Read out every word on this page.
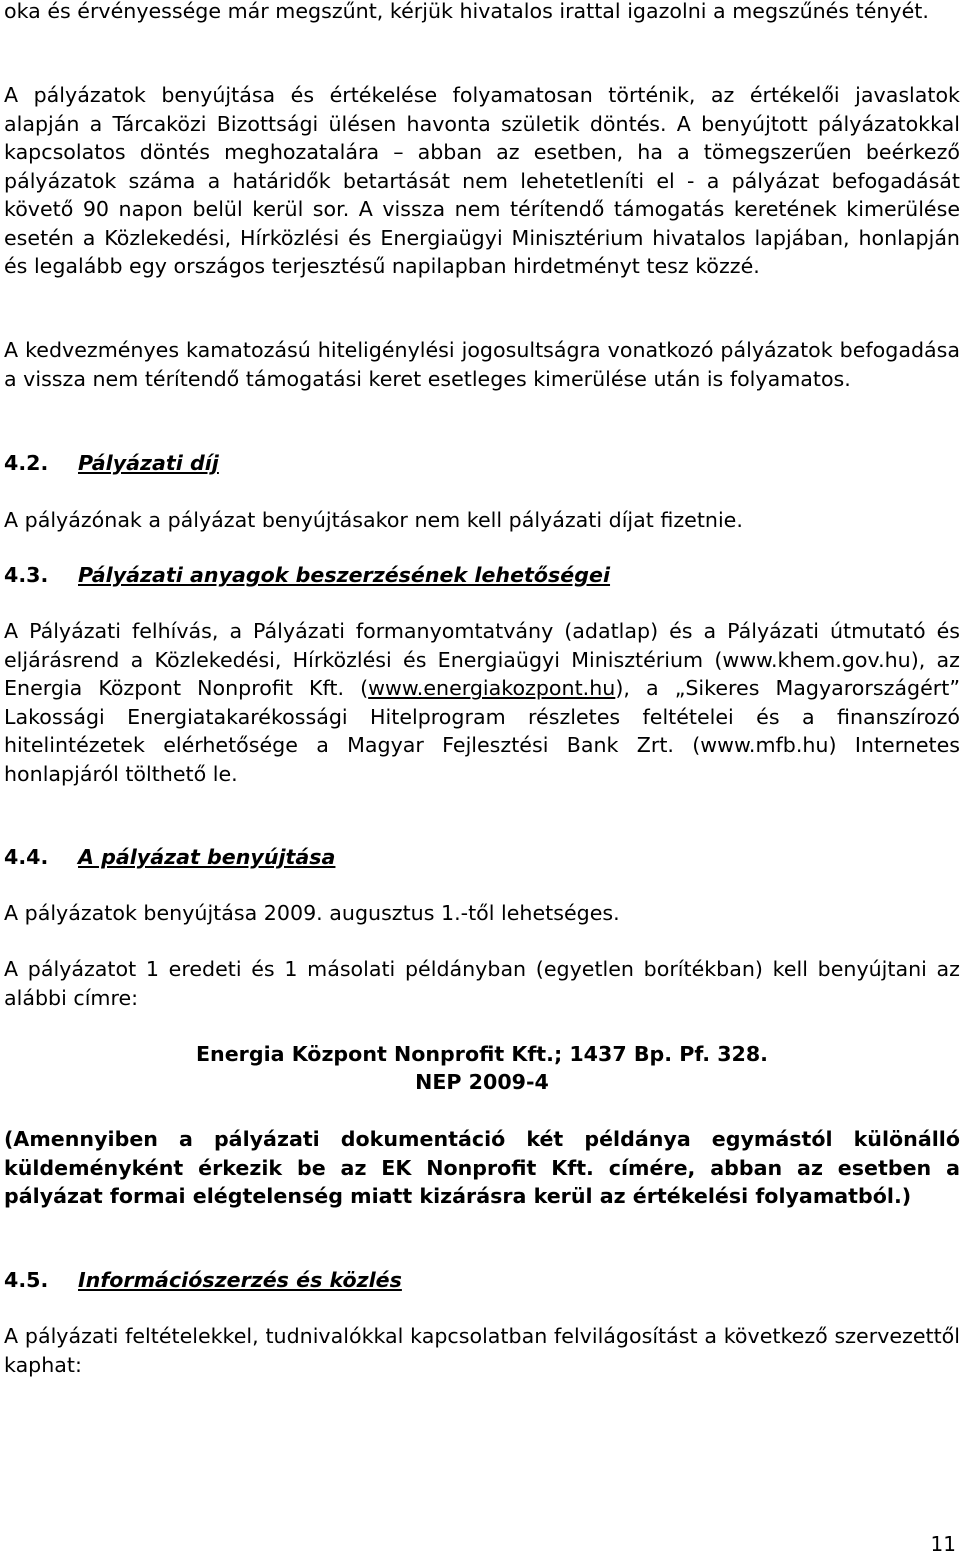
oka és érvényessége már megszűnt, kérjük hivatalos irattal igazolni a megszűnés tényét.

A pályázatok benyújtása és értékelése folyamatosan történik, az értékelői javaslatok alapján a Tárcaközi Bizottsági ülésen havonta születik döntés. A benyújtott pályázatokkal kapcsolatos döntés meghozatalára – abban az esetben, ha a tömegszerűen beérkező pályázatok száma a határidők betartását nem lehetetleníti el - a pályázat befogadását követő 90 napon belül kerül sor. A vissza nem térítendő támogatás keretének kimerülése esetén a Közlekedési, Hírközlési és Energiaügyi Minisztérium hivatalos lapjában, honlapján és legalább egy országos terjesztésű napilapban hirdetményt tesz közzé.

A kedvezményes kamatozású hiteligénylési jogosultságra vonatkozó pályázatok befogadása a vissza nem térítendő támogatási keret esetleges kimerülése után is folyamatos.

4.2. Pályázati díj

A pályázónak a pályázat benyújtásakor nem kell pályázati díjat fizetnie.

4.3. Pályázati anyagok beszerzésének lehetőségei

A Pályázati felhívás, a Pályázati formanyomtatvány (adatlap) és a Pályázati útmutató és eljárásrend a Közlekedési, Hírközlési és Energiaügyi Minisztérium (www.khem.gov.hu), az Energia Központ Nonprofit Kft. (www.energiakozpont.hu), a „Sikeres Magyarországért” Lakossági Energiatakarékossági Hitelprogram részletes feltételei és a finanszírozó hitelintézetek elérhetősége a Magyar Fejlesztési Bank Zrt. (www.mfb.hu) Internetes honlapjáról tölthető le.

4.4. A pályázat benyújtása

A pályázatok benyújtása 2009. augusztus 1.-től lehetséges.

A pályázatot 1 eredeti és 1 másolati példányban (egyetlen borítékban) kell benyújtani az alábbi címre:

Energia Központ Nonprofit Kft.; 1437 Bp. Pf. 328.

NEP 2009-4

(Amennyiben a pályázati dokumentáció két példánya egymástól különálló küldeményként érkezik be az EK Nonprofit Kft. címére, abban az esetben a pályázat formai elégtelenség miatt kizárásra kerül az értékelési folyamatból.)

4.5. Információszerzés és közlés

A pályázati feltételekkel, tudnivalókkal kapcsolatban felvilágosítást a következő szervezettől kaphat:

11
